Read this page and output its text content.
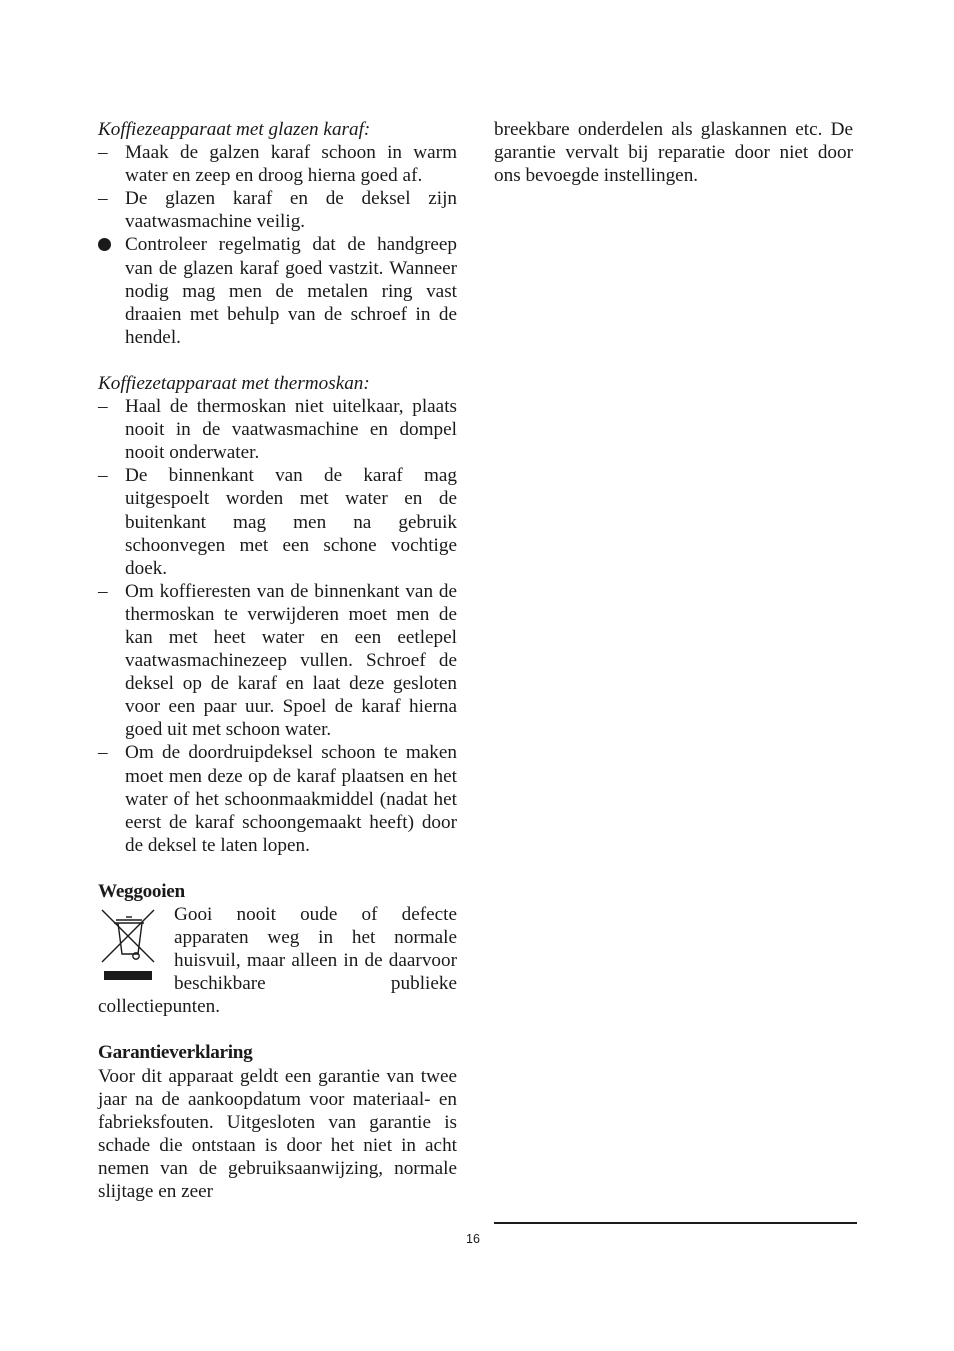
Koffiezeapparaat met glazen karaf:

– Maak de galzen karaf schoon in warm water en zeep en droog hierna goed af.
– De glazen karaf en de deksel zijn vaatwasmachine veilig.
Controleer regelmatig dat de handgreep van de glazen karaf goed vastzit. Wanneer nodig mag men de metalen ring vast draaien met behulp van de schroef in de hendel.

Koffiezetapparaat met thermoskan:

– Haal de thermoskan niet uitelkaar, plaats nooit in de vaatwasmachine en dompel nooit onderwater.
– De binnenkant van de karaf mag uitgespoelt worden met water en de buitenkant mag men na gebruik schoonvegen met een schone vochtige doek.
– Om koffieresten van de binnenkant van de thermoskan te verwijderen moet men de kan met heet water en een eetlepel vaatwasmachinezeep vullen. Schroef de deksel op de karaf en laat deze gesloten voor een paar uur. Spoel de karaf hierna goed uit met schoon water.
– Om de doordruipdeksel schoon te maken moet men deze op de karaf plaatsen en het water of het schoonmaakmiddel (nadat het eerst de karaf schoongemaakt heeft) door de deksel te laten lopen.

Weggooien

Gooi nooit oude of defecte apparaten weg in het normale huisvuil, maar alleen in de daarvoor beschikbare publieke collectiepunten.

Garantieverklaring

Voor dit apparaat geldt een garantie van twee jaar na de aankoopdatum voor materiaal- en fabrieksfouten. Uitgesloten van garantie is schade die ontstaan is door het niet in acht nemen van de gebruiksaanwijzing, normale slijtage en zeer

breekbare onderdelen als glaskannen etc. De garantie vervalt bij reparatie door niet door ons bevoegde instellingen.

16
